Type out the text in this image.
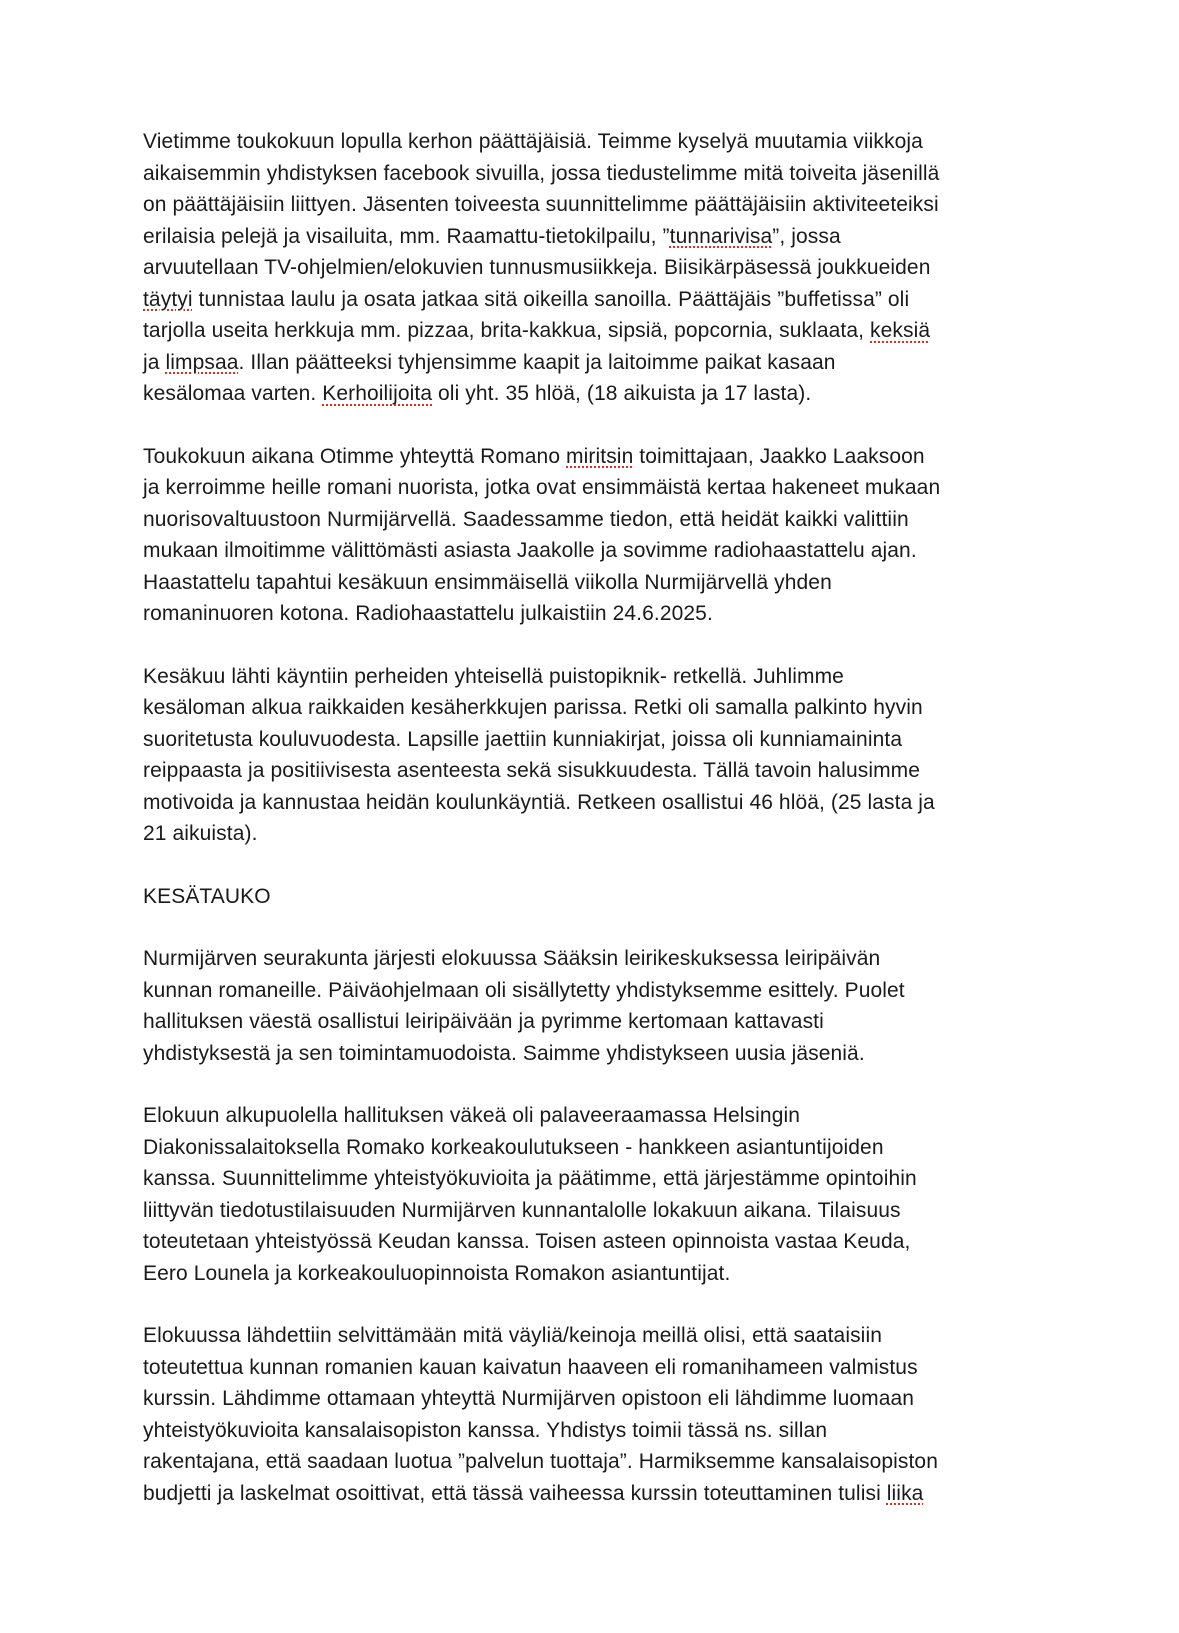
Vietimme toukokuun lopulla kerhon päättäjäisiä. Teimme kyselyä muutamia viikkoja
aikaisemmin yhdistyksen facebook sivuilla, jossa tiedustelimme mitä toiveita jäsenillä
on päättäjäisiin liittyen. Jäsenten toiveesta suunnittelimme päättäjäisiin aktiviteeteiksi
erilaisia pelejä ja visailuita, mm. Raamattu-tietokilpailu, ”tunnarivisa”, jossa
arvuutellaan TV-ohjelmien/elokuvien tunnusmusiikkeja. Biisikärpäsessä joukkueiden
täytyi tunnistaa laulu ja osata jatkaa sitä oikeilla sanoilla. Päättäjäis ”buffetissa” oli
tarjolla useita herkkuja mm. pizzaa, brita-kakkua, sipsiä, popcornia, suklaata, keksiä
ja limpsaa. Illan päätteeksi tyhjensimme kaapit ja laitoimme paikat kasaan
kesälomaa varten. Kerhoilijoita oli yht. 35 hlöä, (18 aikuista ja 17 lasta).
Toukokuun aikana Otimme yhteyttä Romano miritsin toimittajaan, Jaakko Laaksoon
ja kerroimme heille romani nuorista, jotka ovat ensimmäistä kertaa hakeneet mukaan
nuorisovaltuustoon Nurmijärvellä. Saadessamme tiedon, että heidät kaikki valittiin
mukaan ilmoitimme välittömästi asiasta Jaakolle ja sovimme radiohaastattelu ajan.
Haastattelu tapahtui kesäkuun ensimmäisellä viikolla Nurmijärvellä yhden
romaninuoren kotona. Radiohaastattelu julkaistiin 24.6.2025.
Kesäkuu lähti käyntiin perheiden yhteisellä puistopiknik- retkellä. Juhlimme
kesäloman alkua raikkaiden kesäherkkujen parissa. Retki oli samalla palkinto hyvin
suoritetusta kouluvuodesta. Lapsille jaettiin kunniakirjat, joissa oli kunniamaininta
reippaasta ja positiivisesta asenteesta sekä sisukkuudesta. Tällä tavoin halusimme
motivoida ja kannustaa heidän koulunkäyntiä. Retkeen osallistui 46 hlöä, (25 lasta ja
21 aikuista).
KESÄTAUKO
Nurmijärven seurakunta järjesti elokuussa Sääksin leirikeskuksessa leiripäivän
kunnan romaneille. Päiväohjelmaan oli sisällytetty yhdistyksemme esittely. Puolet
hallituksen väestä osallistui leiripäivään ja pyrimme kertomaan kattavasti
yhdistyksestä ja sen toimintamuodoista. Saimme yhdistykseen uusia jäseniä.
Elokuun alkupuolella hallituksen väkeä oli palaveeraamassa Helsingin
Diakonissalaitoksella Romako korkeakoulutukseen - hankkeen asiantuntijoiden
kanssa. Suunnittelimme yhteistyökuvioita ja päätimme, että järjestämme opintoihin
liittyvän tiedotustilaisuuden Nurmijärven kunnantalolle lokakuun aikana. Tilaisuus
toteutetaan yhteistyössä Keudan kanssa. Toisen asteen opinnoista vastaa Keuda,
Eero Lounela ja korkeakouluopinnoista Romakon asiantuntijat.
Elokuussa lähdettiin selvittämään mitä väyliä/keinoja meillä olisi, että saataisiin
toteutettua kunnan romanien kauan kaivatun haaveen eli romanihameen valmistus
kurssin. Lähdimme ottamaan yhteyttä Nurmijärven opistoon eli lähdimme luomaan
yhteistyökuvioita kansalaisopiston kanssa. Yhdistys toimii tässä ns. sillan
rakentajana, että saadaan luotua ”palvelun tuottaja”. Harmiksemme kansalaisopiston
budjetti ja laskelmat osoittivat, että tässä vaiheessa kurssin toteuttaminen tulisi liika
